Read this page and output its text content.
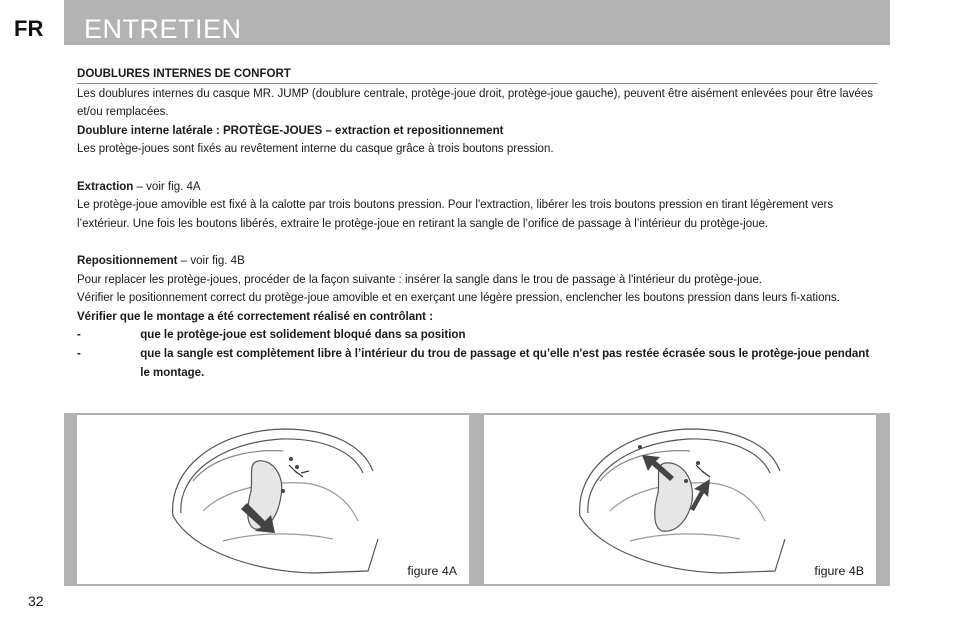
FR ENTRETIEN

DOUBLURES INTERNES DE CONFORT

Les doublures internes du casque MR. JUMP (doublure centrale, protège-joue droit, protège-joue gauche), peuvent être aisément enlevées pour être lavées et/ou remplacées.

Doublure interne latérale : PROTÈGE-JOUES – extraction et repositionnement

Les protège-joues sont fixés au revêtement interne du casque grâce à trois boutons pression.

Extraction – voir fig. 4A

Le protège-joue amovible est fixé à la calotte par trois boutons pression. Pour l'extraction, libérer les trois boutons pression en tirant légèrement vers l’extérieur. Une fois les boutons libérés, extraire le protège-joue en retirant la sangle de l’orifice de passage à l’intérieur du protège-joue.

Repositionnement – voir fig. 4B

Pour replacer les protège-joues, procéder de la façon suivante : insérer la sangle dans le trou de passage à l'intérieur du protège-joue.

Vérifier le positionnement correct du protège-joue amovible et en exerçant une légère pression, enclencher les boutons pression dans leurs fi-xations.

Vérifier que le montage a été correctement réalisé en contrôlant :

-	que le protège-joue est solidement bloqué dans sa position
-	que la sangle est complètement libre à l’intérieur du trou de passage et qu’elle n'est pas restée écrasée sous le protège-joue pendant le montage.
figure 4A	figure 4B
32
